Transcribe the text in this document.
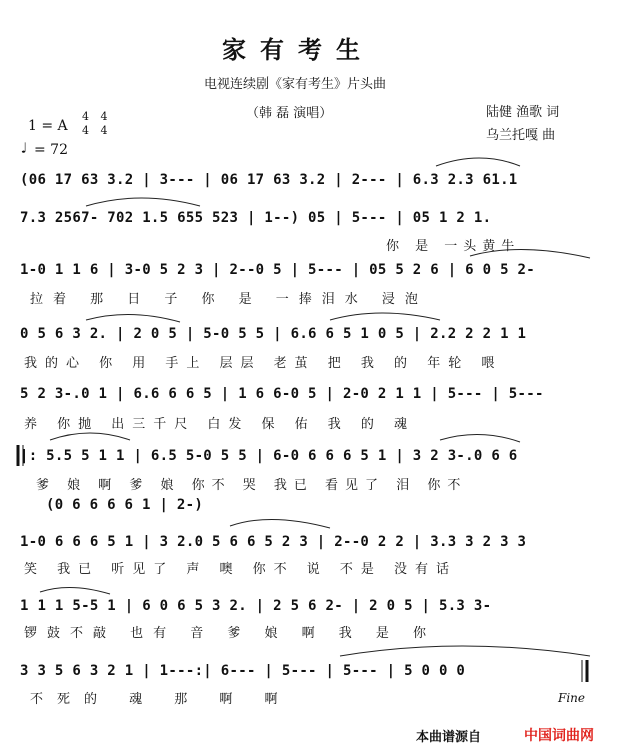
家有考生
电视连续剧《家有考生》片头曲
（韩 磊 演唱）	陆健 渔歌 词
乌兰托嘎 曲
1 = A
4 4
4 4
♩ = 72
(06 17 63 3.2 | 3--- | 06 17 63 3.2 | 2--- | 6.3 2.3 61.1
7.3 2567- 702 1.5 655 523 | 1--) 05 | 5--- | 05 1 2 1.
你 是 一头黄牛
1-0 1 1 6 | 3-0 5 2 3 | 2--0 5 | 5--- | 05 5 2 6 | 6 0 5 2-
拉着 那 日 子 你 是 一捧泪水 浸泡
0 5 6 3 2. | 2 0 5 | 5-0 5 5 | 6.6 6 5 1 0 5 | 2.2 2 2 1 1
我的心 你 用 手上 层层 老茧 把 我 的 年轮 喂
5 2 3-.0 1 | 6.6 6 6 5 | 1 6 6-0 5 | 2-0 2 1 1 | 5--- | 5---
养 你抛 出三千尺 白发 保 佑 我 的 魂
|: 5.5 5 1 1 | 6.5 5-0 5 5 | 6-0 6 6 6 5 1 | 3 2 3-.0 6 6
爹 娘 啊 爹 娘 你不 哭 我已 看见了 泪 你不
(0 6 6 6 6 1 | 2-)
1-0 6 6 6 5 1 | 3 2.0 5 6 6 5 2 3 | 2--0 2 2 | 3.3 3 2 3 3
笑 我已 听见了 声 噢 你不 说 不是 没有话
1 1 1 5-5 1 | 6 0 6 5 3 2. | 2 5 6 2- | 2 0 5 | 5.3 3-
锣鼓不敲 也有 音 爹 娘 啊 我 是 你
3 3 5 6 3 2 1 | 1---:| 6--- | 5--- | 5--- | 5 0 0 0
不死的 魂 那 啊 啊	Fine
本曲谱源自	中国词曲网
